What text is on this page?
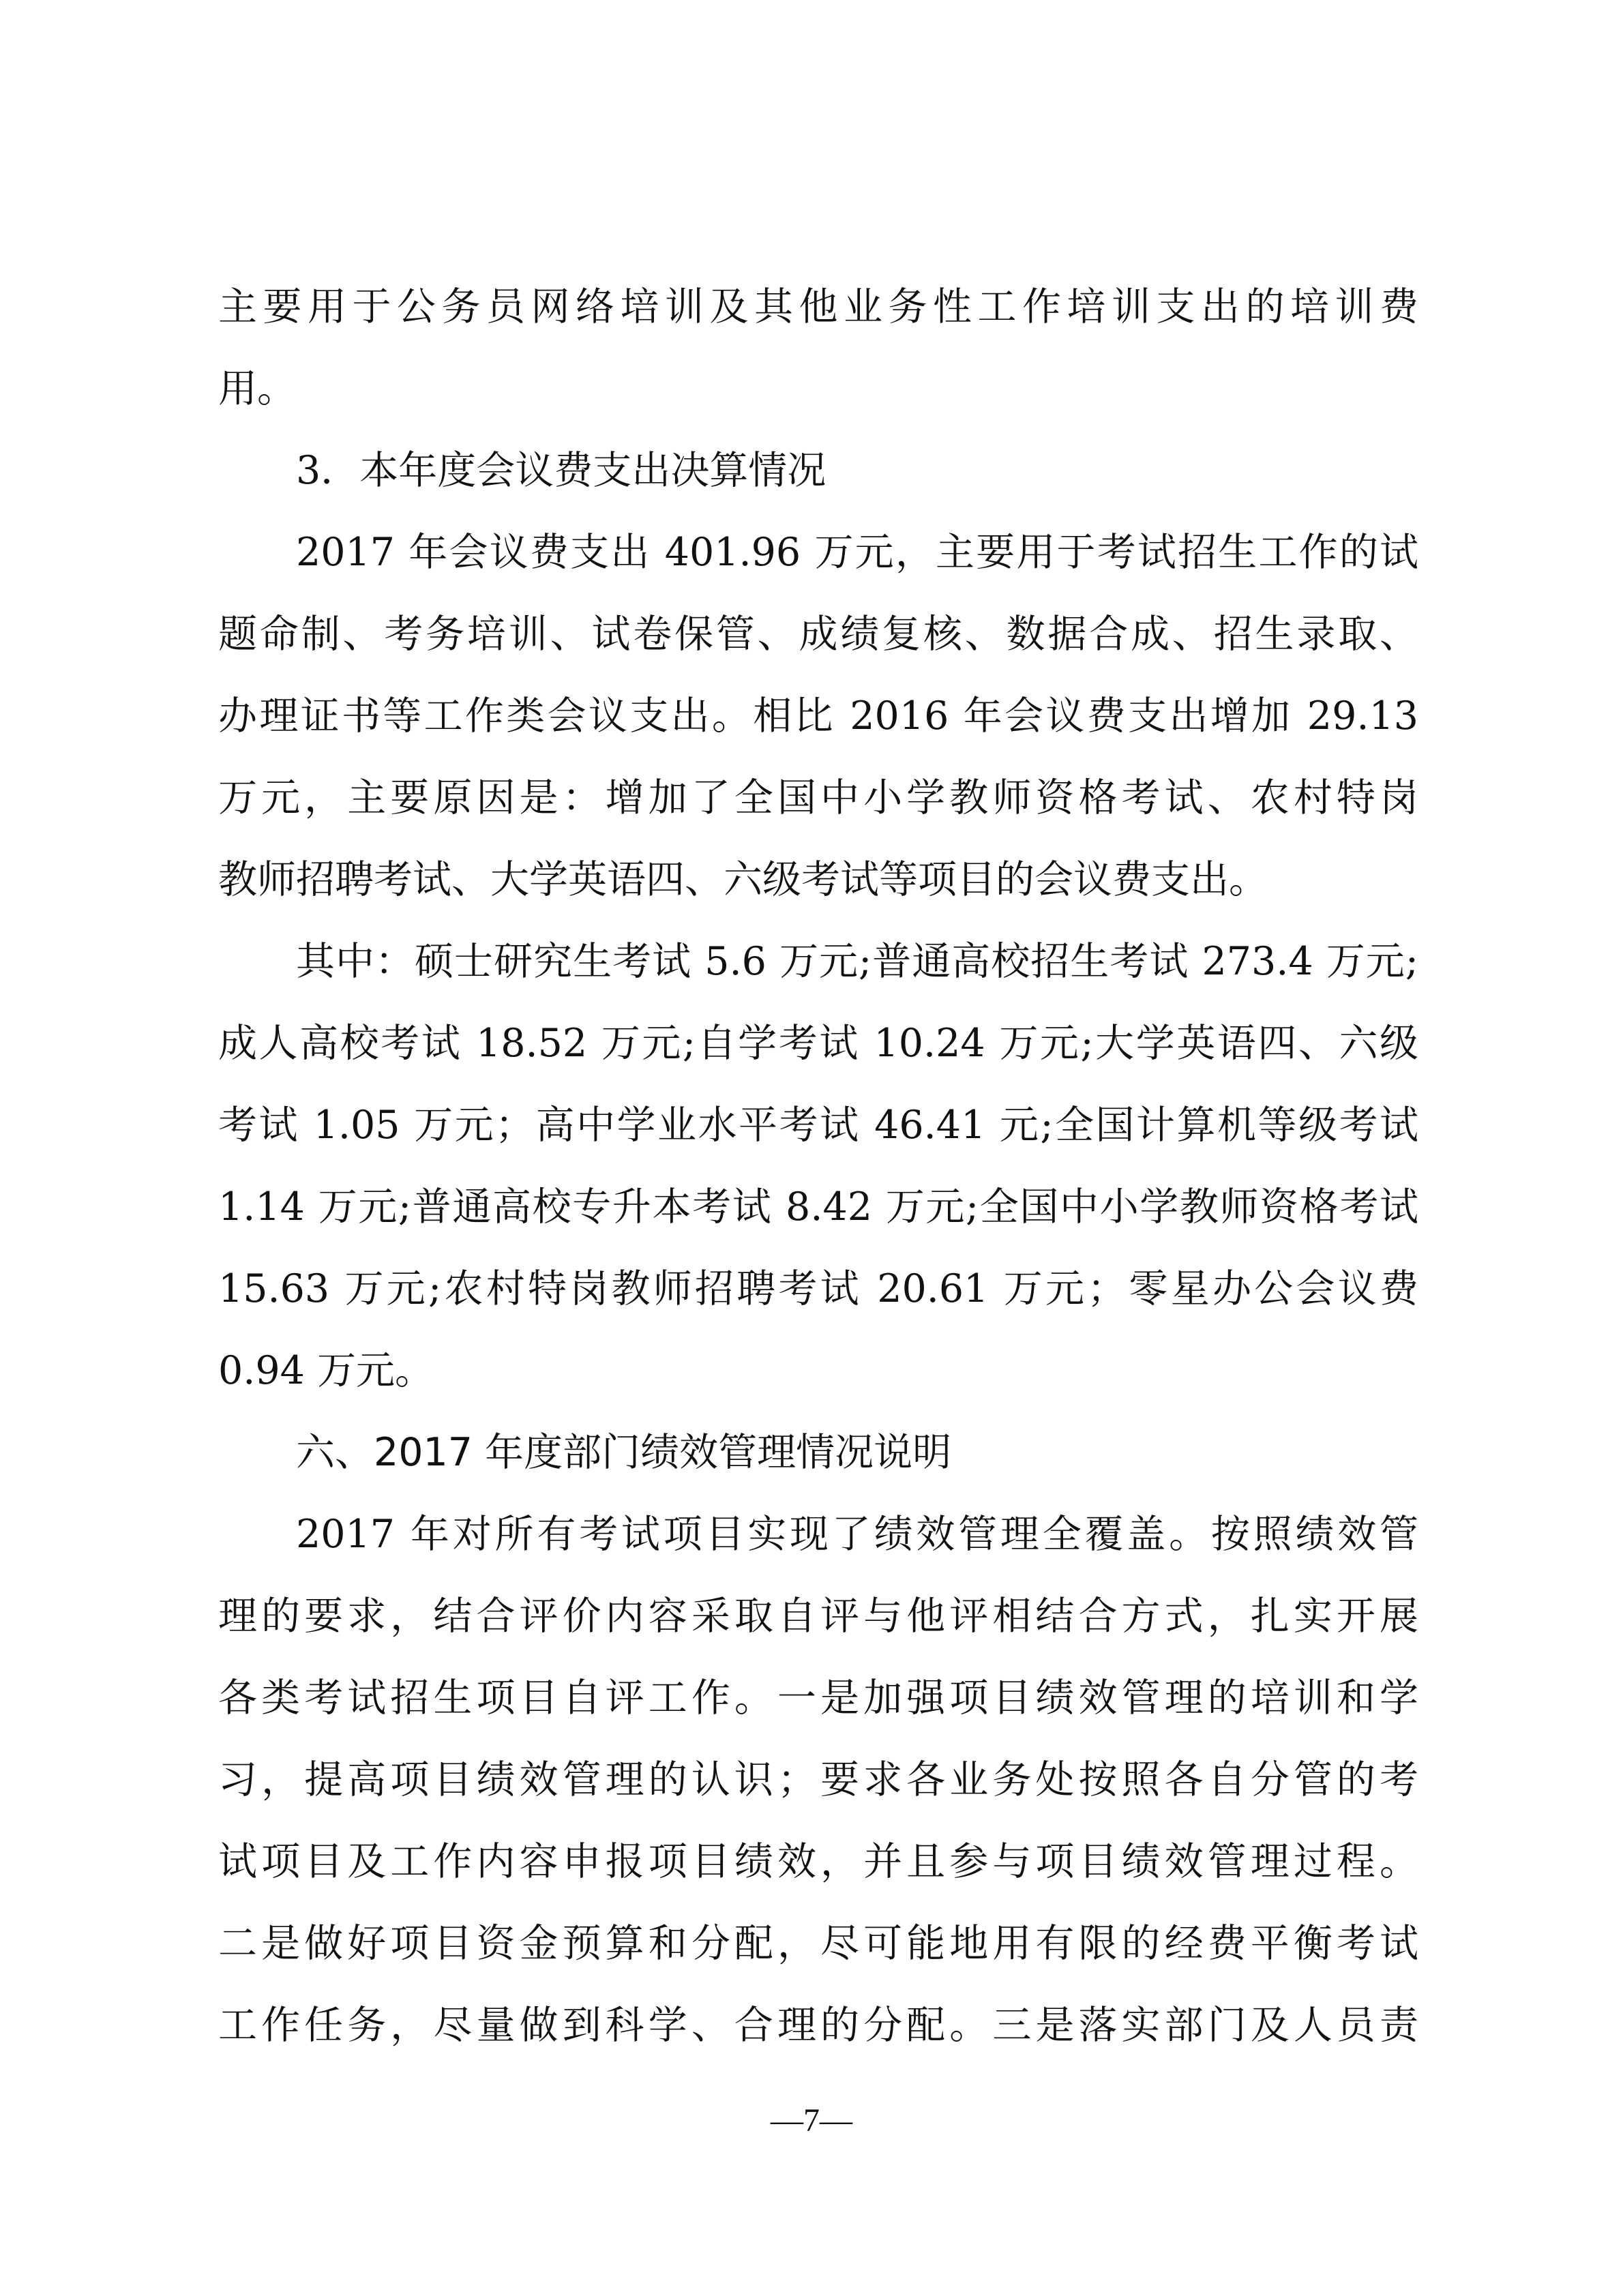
主要用于公务员网络培训及其他业务性工作培训支出的培训费
用。
3．本年度会议费支出决算情况
2017 年会议费支出 401.96 万元，主要用于考试招生工作的试
题命制、考务培训、试卷保管、成绩复核、数据合成、招生录取、
办理证书等工作类会议支出。相比 2016 年会议费支出增加 29.13
万元，主要原因是：增加了全国中小学教师资格考试、农村特岗
教师招聘考试、大学英语四、六级考试等项目的会议费支出。
其中：硕士研究生考试 5.6 万元;普通高校招生考试 273.4 万元;
成人高校考试 18.52 万元;自学考试 10.24 万元;大学英语四、六级
考试 1.05 万元；高中学业水平考试 46.41 元;全国计算机等级考试
1.14 万元;普通高校专升本考试 8.42 万元;全国中小学教师资格考试
15.63 万元;农村特岗教师招聘考试 20.61 万元；零星办公会议费
0.94 万元。
六、2017 年度部门绩效管理情况说明
2017 年对所有考试项目实现了绩效管理全覆盖。按照绩效管
理的要求，结合评价内容采取自评与他评相结合方式，扎实开展
各类考试招生项目自评工作。一是加强项目绩效管理的培训和学
习，提高项目绩效管理的认识；要求各业务处按照各自分管的考
试项目及工作内容申报项目绩效，并且参与项目绩效管理过程。
二是做好项目资金预算和分配，尽可能地用有限的经费平衡考试
工作任务，尽量做到科学、合理的分配。三是落实部门及人员责
—7—
